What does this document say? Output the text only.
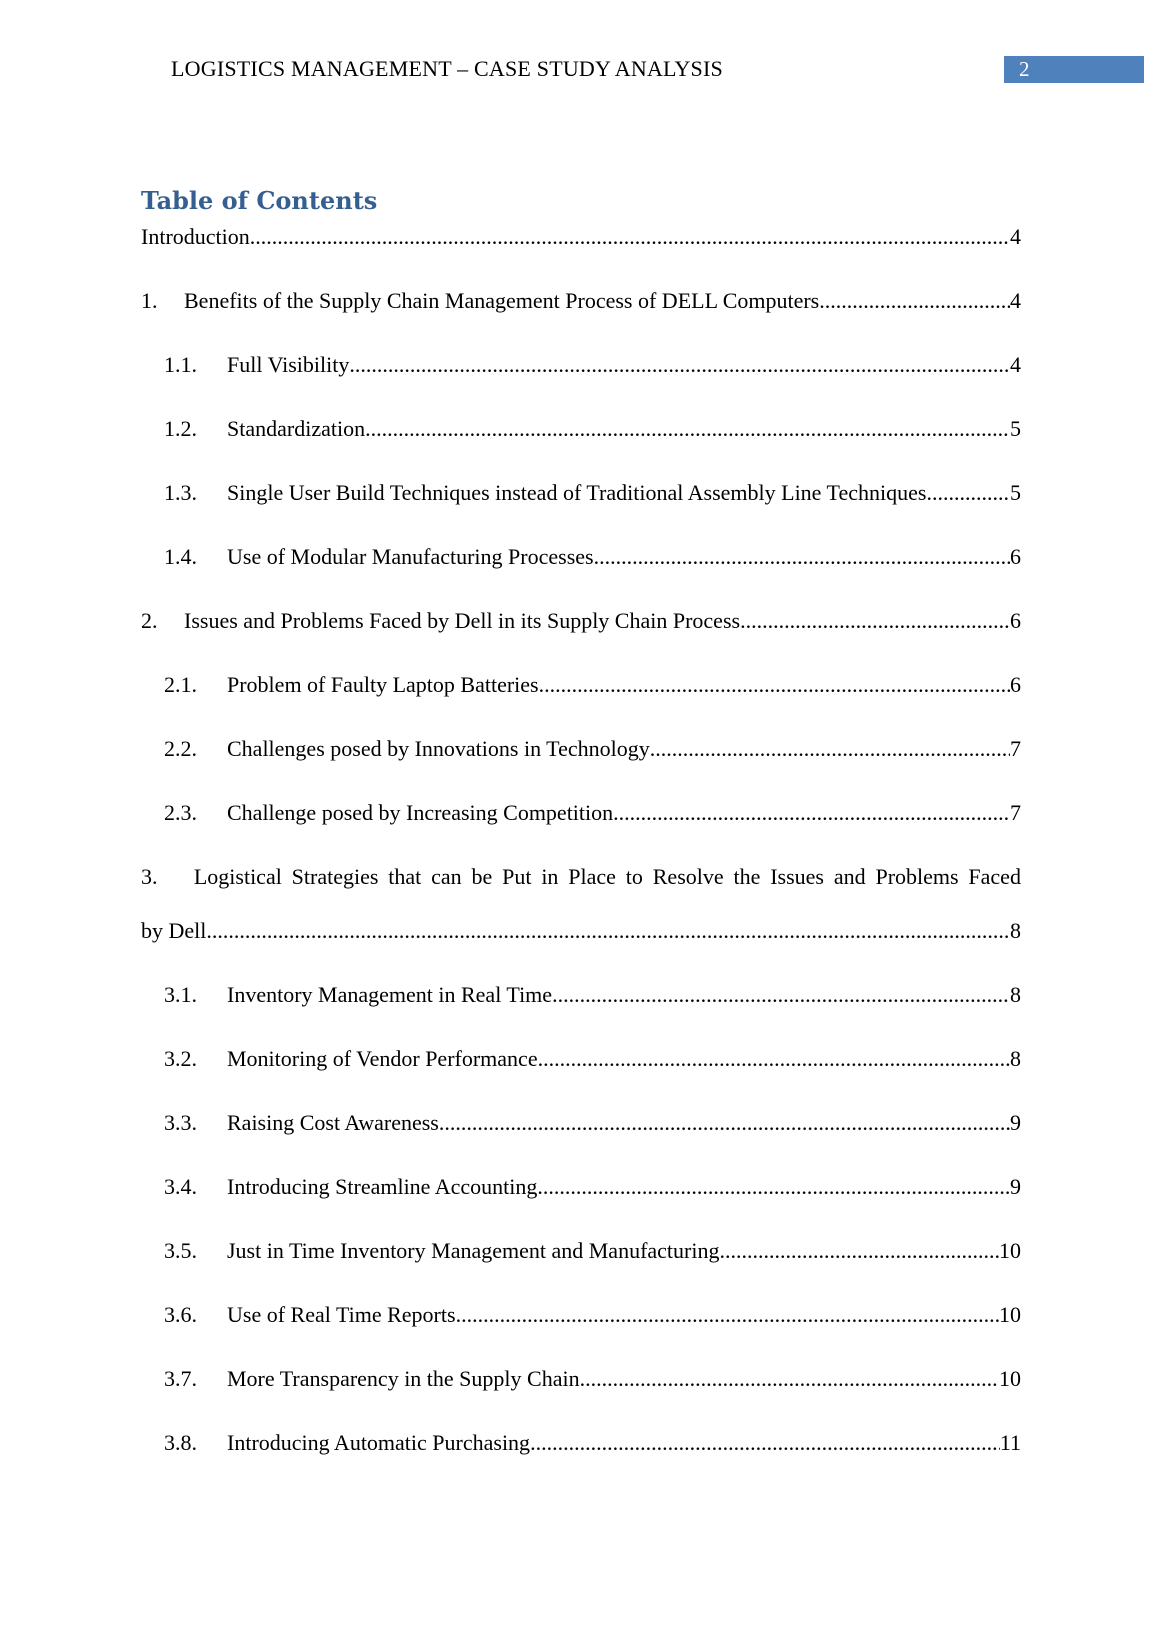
LOGISTICS MANAGEMENT – CASE STUDY ANALYSIS	2
Table of Contents
Introduction .....	4
1.	Benefits of the Supply Chain Management Process of DELL Computers .....	4
1.1.	Full Visibility .....	4
1.2.	Standardization .....	5
1.3.	Single User Build Techniques instead of Traditional Assembly Line Techniques .....	5
1.4.	Use of Modular Manufacturing Processes .....	6
2.	Issues and Problems Faced by Dell in its Supply Chain Process .....	6
2.1.	Problem of Faulty Laptop Batteries .....	6
2.2.	Challenges posed by Innovations in Technology .....	7
2.3.	Challenge posed by Increasing Competition .....	7
3.	Logistical Strategies that can be Put in Place to Resolve the Issues and Problems Faced
by Dell .....	8
3.1.	Inventory Management in Real Time .....	8
3.2.	Monitoring of Vendor Performance .....	8
3.3.	Raising Cost Awareness .....	9
3.4.	Introducing Streamline Accounting .....	9
3.5.	Just in Time Inventory Management and Manufacturing .....	10
3.6.	Use of Real Time Reports .....	10
3.7.	More Transparency in the Supply Chain .....	10
3.8.	Introducing Automatic Purchasing .....	11
